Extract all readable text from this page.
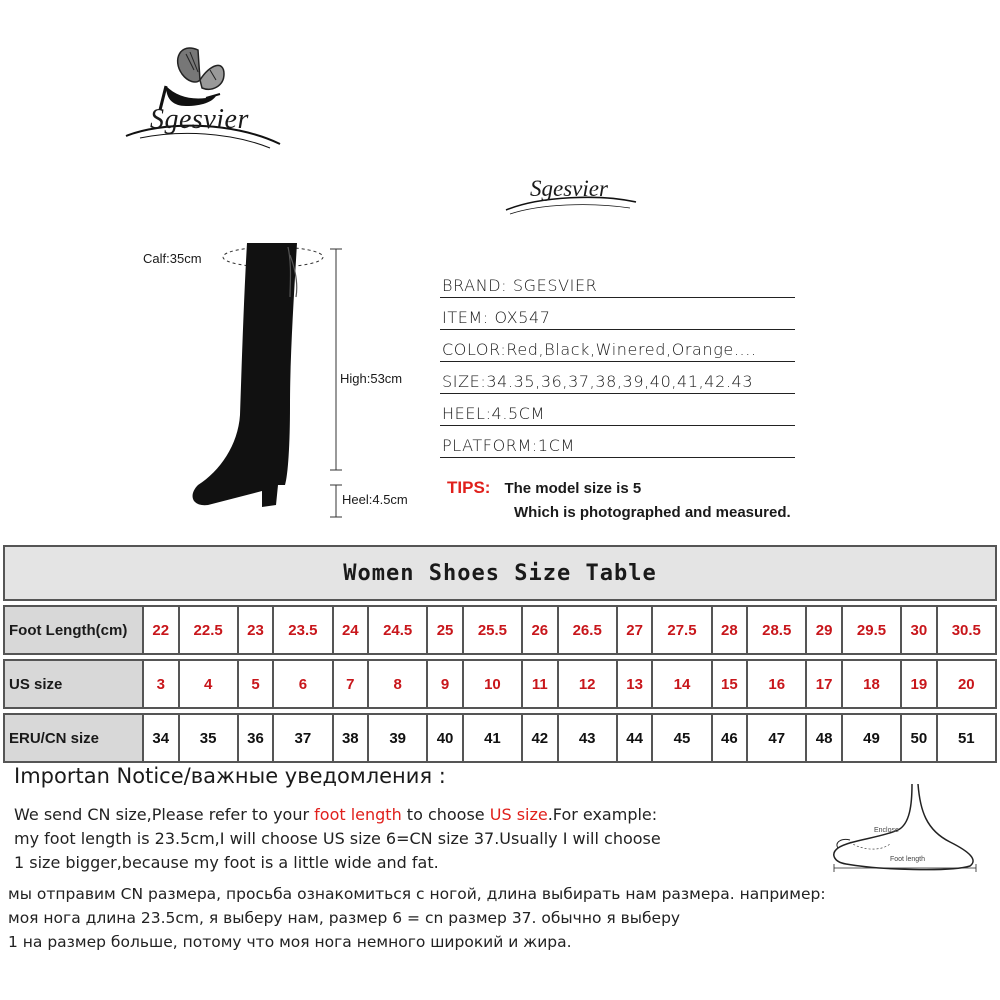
Sgesvier
Sgesvier
Calf:35cm
High:53cm
Heel:4.5cm
BRAND: SGESVIER
ITEM: OX547
COLOR:Red,Black,Winered,Orange....
SIZE:34.35,36,37,38,39,40,41,42.43
HEEL:4.5CM
PLATFORM:1CM
TIPS: The model size is 5
Which is photographed and measured.
Women Shoes Size Table																		

Foot Length(cm)	22	22.5	23	23.5	24	24.5	25	25.5	26	26.5	27	27.5	28	28.5	29	29.5	30	30.5

US size	3	4	5	6	7	8	9	10	11	12	13	14	15	16	17	18	19	20

ERU/CN size	34	35	36	37	38	39	40	41	42	43	44	45	46	47	48	49	50	51
Importan Notice/важные уведомления :
We send CN size,Please refer to your foot length to choose US size.For example:
my foot length is 23.5cm,I will choose US size 6=CN size 37.Usually I will choose
1 size bigger,because my foot is a little wide and fat.
мы отправим CN размера, просьба ознакомиться с ногой, длина выбирать нам размера. например:
моя нога длина 23.5cm, я выберу нам, размер 6 = cn размер 37. обычно я выберу
1 на размер больше, потому что моя нога немного широкий и жира.
Enclose
Foot length
